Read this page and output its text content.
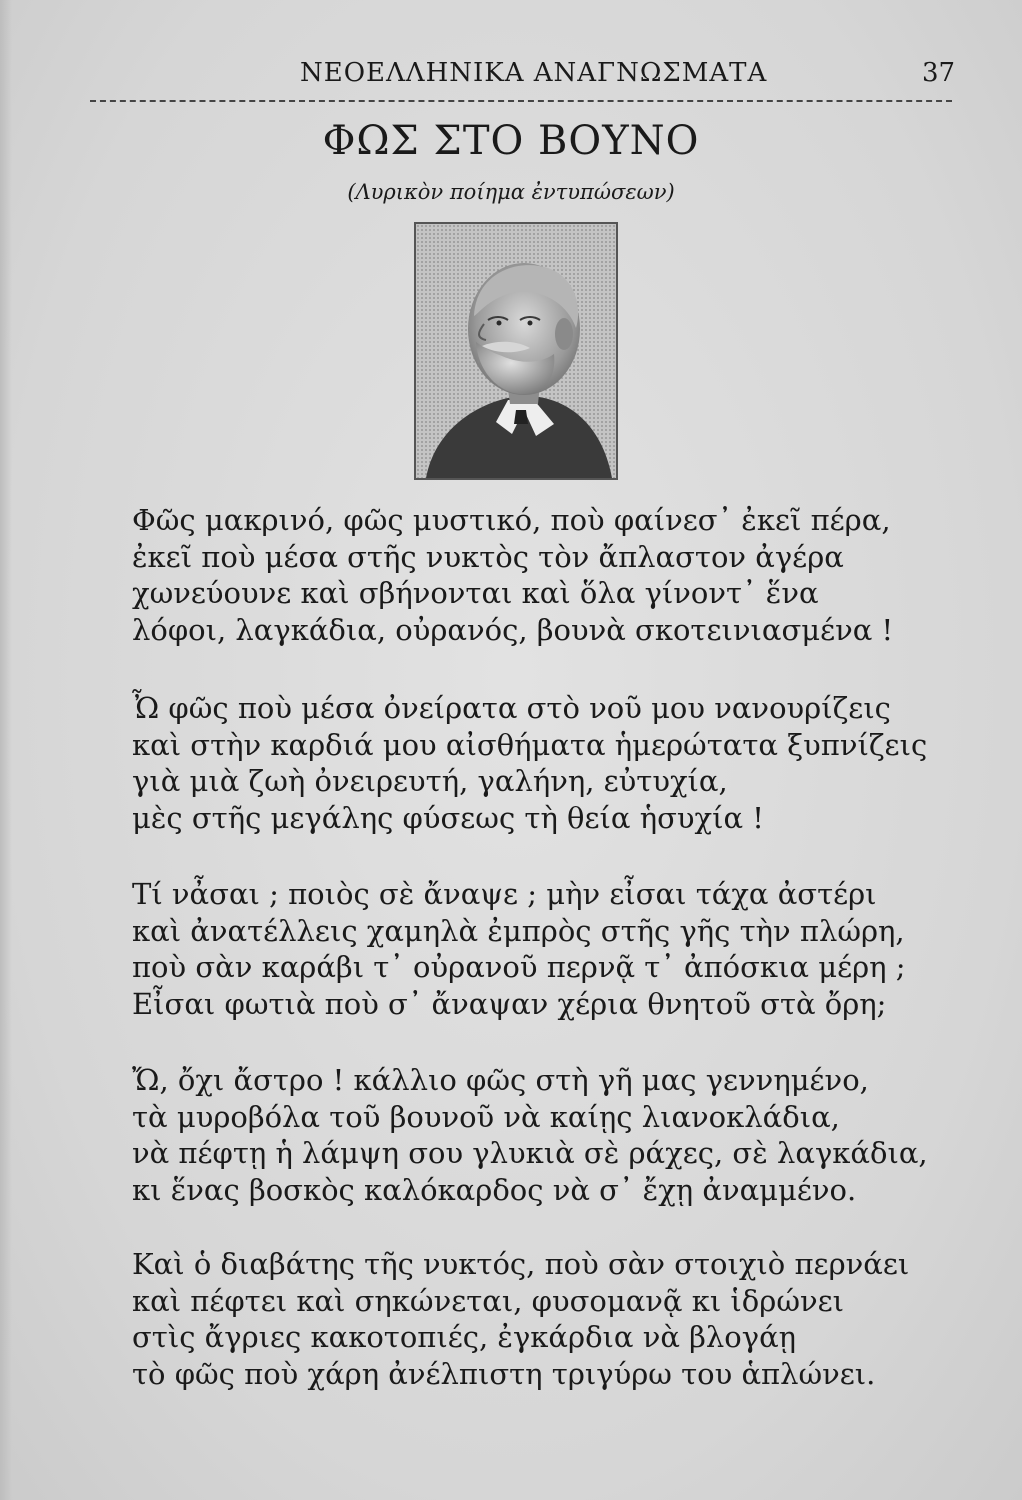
ΝΕΟΕΛΛΗΝΙΚΑ ΑΝΑΓΝΩΣΜΑΤΑ	37
ΦΩΣ ΣΤΟ ΒΟΥΝΟ
(Λυρικὸν ποίημα ἐντυπώσεων)
Φῶς μακρινό, φῶς μυστικό, ποὺ φαίνεσ᾽ ἐκεῖ πέρα,
ἐκεῖ ποὺ μέσα στῆς νυκτὸς τὸν ἄπλαστον ἀγέρα
χωνεύουνε καὶ σβήνονται καὶ ὅλα γίνοντ᾽ ἕνα
λόφοι, λαγκάδια, οὐρανός, βουνὰ σκοτεινιασμένα !
Ὦ φῶς ποὺ μέσα ὀνείρατα στὸ νοῦ μου νανουρίζεις
καὶ στὴν καρδιά μου αἰσθήματα ἡμερώτατα ξυπνίζεις
γιὰ μιὰ ζωὴ ὀνειρευτή, γαλήνη, εὐτυχία,
μὲς στῆς μεγάλης φύσεως τὴ θεία ἡσυχία !
Τί νἆσαι ; ποιὸς σὲ ἄναψε ; μὴν εἶσαι τάχα ἀστέρι
καὶ ἀνατέλλεις χαμηλὰ ἐμπρὸς στῆς γῆς τὴν πλώρη,
ποὺ σὰν καράβι τ᾽ οὐρανοῦ περνᾷ τ᾽ ἀπόσκια μέρη ;
Εἶσαι φωτιὰ ποὺ σ᾽ ἄναψαν χέρια θνητοῦ στὰ ὄρη;
Ὤ, ὄχι ἄστρο ! κάλλιο φῶς στὴ γῆ μας γεννημένο,
τὰ μυροβόλα τοῦ βουνοῦ νὰ καίῃς λιανοκλάδια,
νὰ πέφτῃ ἡ λάμψη σου γλυκιὰ σὲ ράχες, σὲ λαγκάδια,
κι ἕνας βοσκὸς καλόκαρδος νὰ σ᾽ ἔχῃ ἀναμμένο.
Καὶ ὁ διαβάτης τῆς νυκτός, ποὺ σὰν στοιχιὸ περνάει
καὶ πέφτει καὶ σηκώνεται, φυσομανᾷ κι ἱδρώνει
στὶς ἄγριες κακοτοπιές, ἐγκάρδια νὰ βλογάῃ
τὸ φῶς ποὺ χάρη ἀνέλπιστη τριγύρω του ἁπλώνει.
